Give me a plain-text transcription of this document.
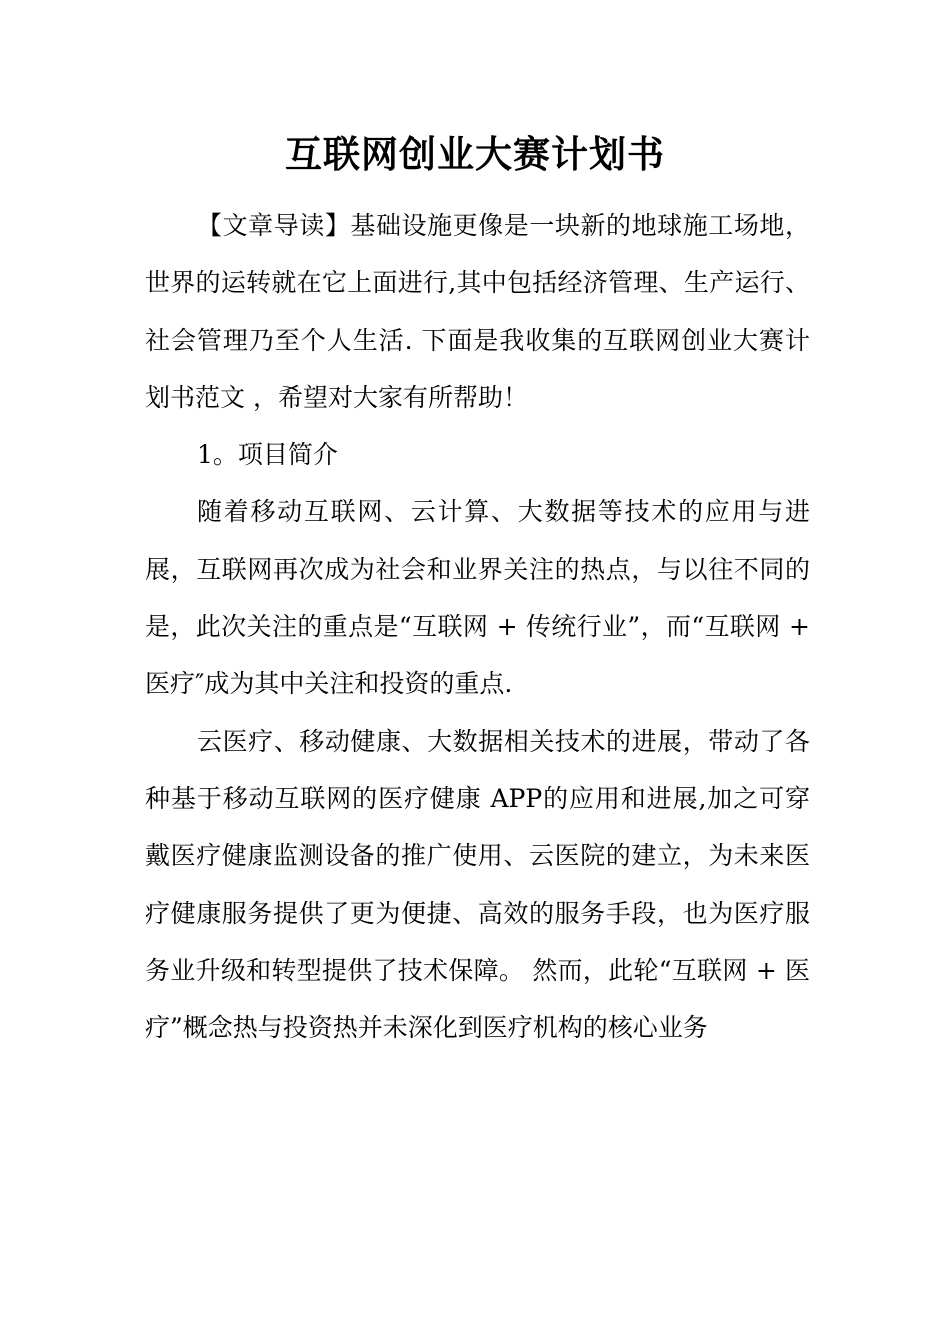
互联网创业大赛计划书

【文章导读】基础设施更像是一块新的地球施工场地，世界的运转就在它上面进行,其中包括经济管理、生产运行、社会管理乃至个人生活. 下面是我收集的互联网创业大赛计划书范文 ，希望对大家有所帮助！

1。项目简介

随着移动互联网、云计算、大数据等技术的应用与进展，互联网再次成为社会和业界关注的热点，与以往不同的是，此次关注的重点是“互联网 + 传统行业”，而“互联网 + 医疗″成为其中关注和投资的重点.

云医疗、移动健康、大数据相关技术的进展，带动了各种基于移动互联网的医疗健康 APP的应用和进展,加之可穿戴医疗健康监测设备的推广使用、云医院的建立，为未来医疗健康服务提供了更为便捷、高效的服务手段，也为医疗服务业升级和转型提供了技术保障。 然而，此轮“互联网 + 医疗”概念热与投资热并未深化到医疗机构的核心业务
